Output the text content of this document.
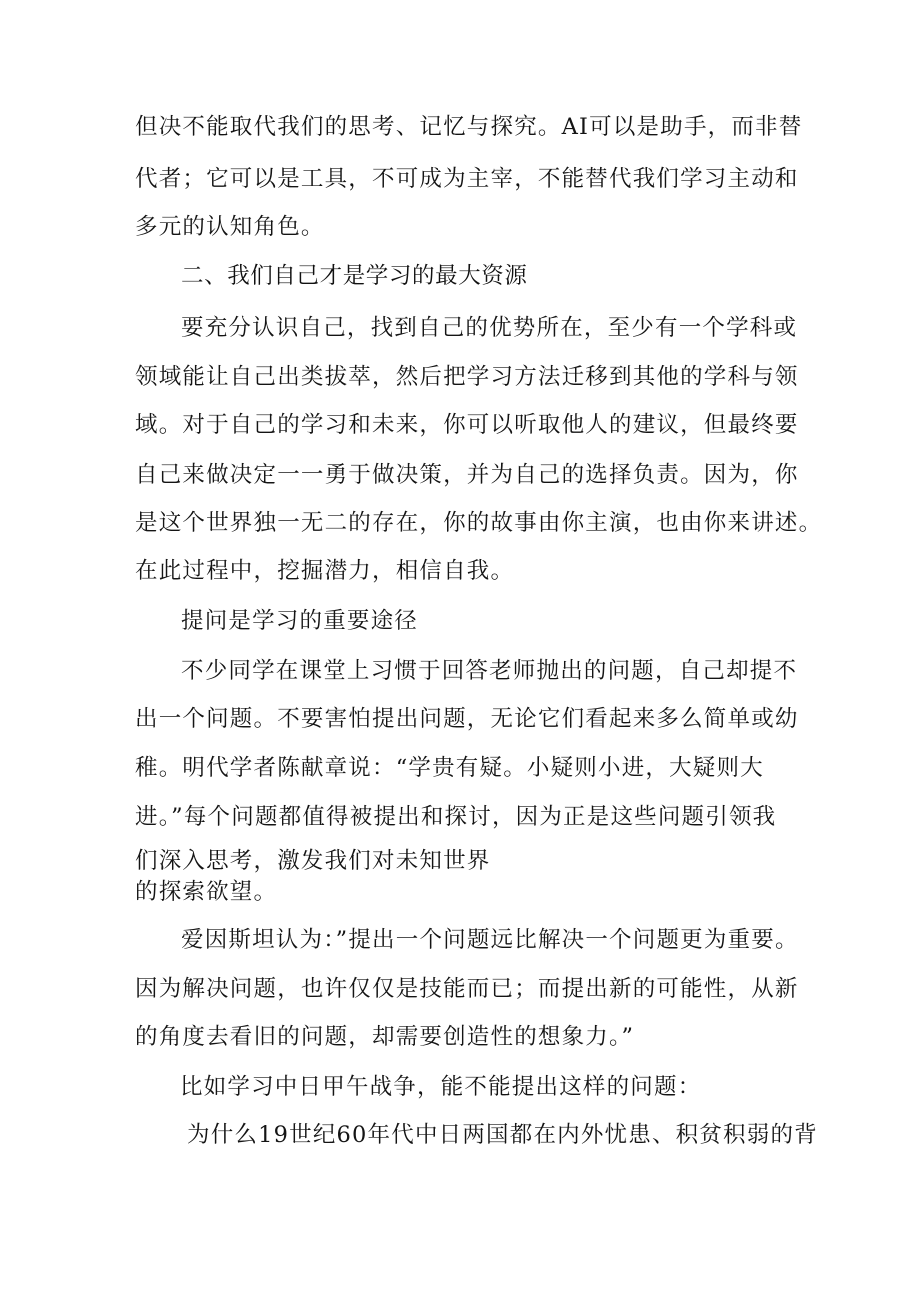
但决不能取代我们的思考、记忆与探究。AI可以是助手，而非替
代者；它可以是工具，不可成为主宰，不能替代我们学习主动和
多元的认知角色。
二、我们自己才是学习的最大资源
要充分认识自己，找到自己的优势所在，至少有一个学科或
领域能让自己出类拔萃，然后把学习方法迁移到其他的学科与领
域。对于自己的学习和未来，你可以听取他人的建议，但最终要
自己来做决定一一勇于做决策，并为自己的选择负责。因为，你
是这个世界独一无二的存在，你的故事由你主演，也由你来讲述。
在此过程中，挖掘潜力，相信自我。
提问是学习的重要途径
不少同学在课堂上习惯于回答老师抛出的问题，自己却提不
出一个问题。不要害怕提出问题，无论它们看起来多么简单或幼
稚。明代学者陈献章说：“学贵有疑。小疑则小进，大疑则大
进。”每个问题都值得被提出和探讨，因为正是这些问题引领我
们深入思考，激发我们对未知世界
的探索欲望。
爱因斯坦认为：”提出一个问题远比解决一个问题更为重要。
因为解决问题，也许仅仅是技能而已；而提出新的可能性，从新
的角度去看旧的问题，却需要创造性的想象力。”
比如学习中日甲午战争，能不能提出这样的问题：
为什么19世纪60年代中日两国都在内外忧患、积贫积弱的背
